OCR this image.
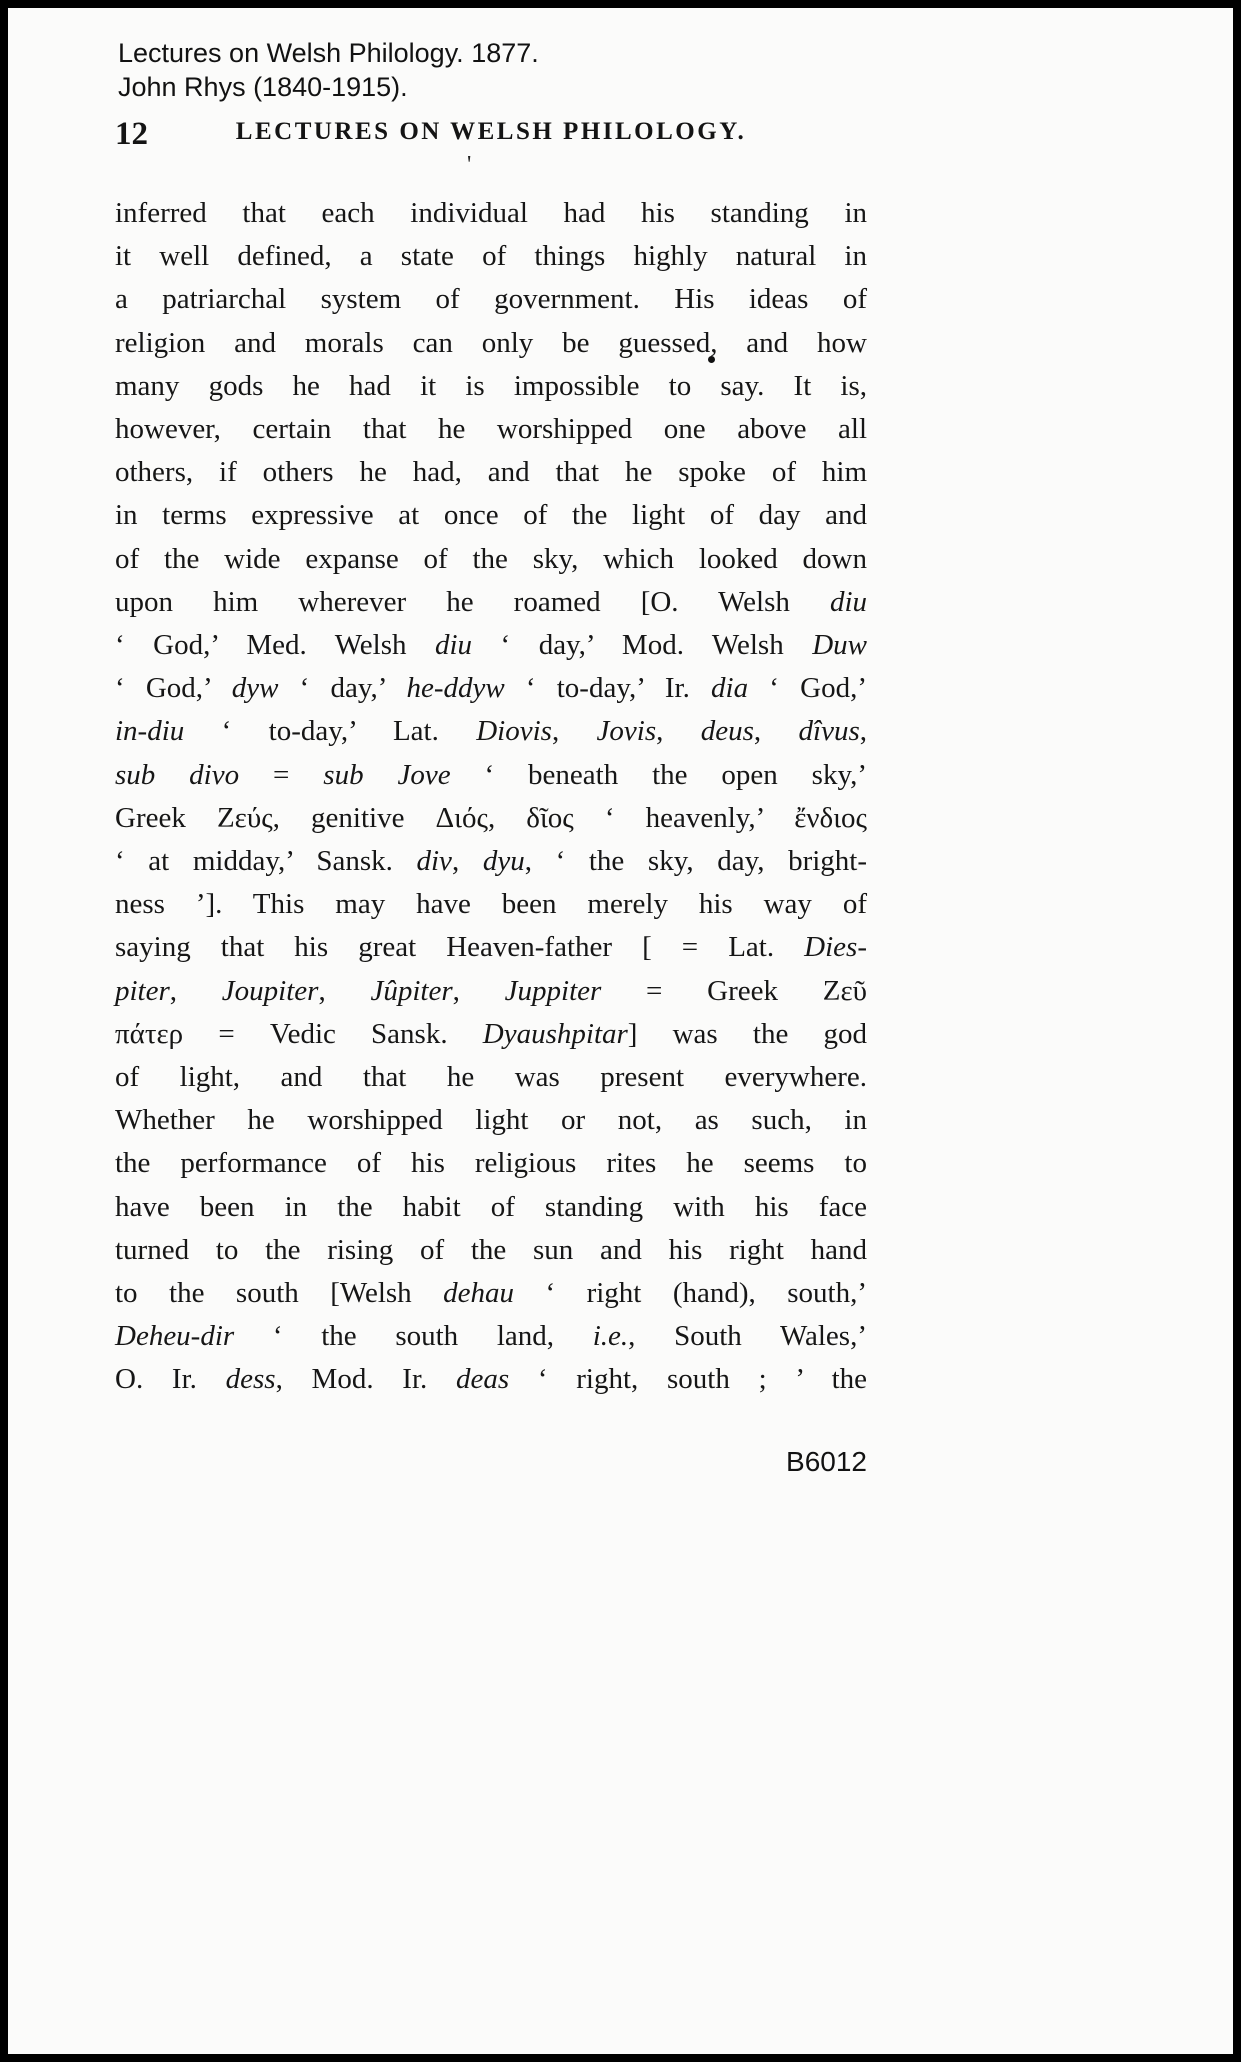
Lectures on Welsh Philology. 1877.
John Rhys (1840-1915).
12	LECTURES ON WELSH PHILOLOGY.
'
inferred that each individual had his standing in
it well defined, a state of things highly natural in
a patriarchal system of government. His ideas of
religion and morals can only be guessed, and how
many gods he had it is impossible to say. It is,
however, certain that he worshipped one above all
others, if others he had, and that he spoke of him
in terms expressive at once of the light of day and
of the wide expanse of the sky, which looked down
upon him wherever he roamed [O. Welsh diu
‘ God,’ Med. Welsh diu ‘ day,’ Mod. Welsh Duw
‘ God,’ dyw ‘ day,’ he-ddyw ‘ to-day,’ Ir. dia ‘ God,’
in-diu ‘ to-day,’ Lat. Diovis, Jovis, deus, dîvus,
sub divo = sub Jove ‘ beneath the open sky,’
Greek Ζεύς, genitive Διός, δῖος ‘ heavenly,’ ἔνδιος
‘ at midday,’ Sansk. div, dyu, ‘ the sky, day, bright-
ness ’]. This may have been merely his way of
saying that his great Heaven-father [ = Lat. Dies-
piter, Joupiter, Jûpiter, Juppiter = Greek Ζεῦ
πάτερ = Vedic Sansk. Dyaushpitar] was the god
of light, and that he was present everywhere.
Whether he worshipped light or not, as such, in
the performance of his religious rites he seems to
have been in the habit of standing with his face
turned to the rising of the sun and his right hand
to the south [Welsh dehau ‘ right (hand), south,’
Deheu-dir ‘ the south land, i.e., South Wales,’
O. Ir. dess, Mod. Ir. deas ‘ right, south ; ’ the
B6012
